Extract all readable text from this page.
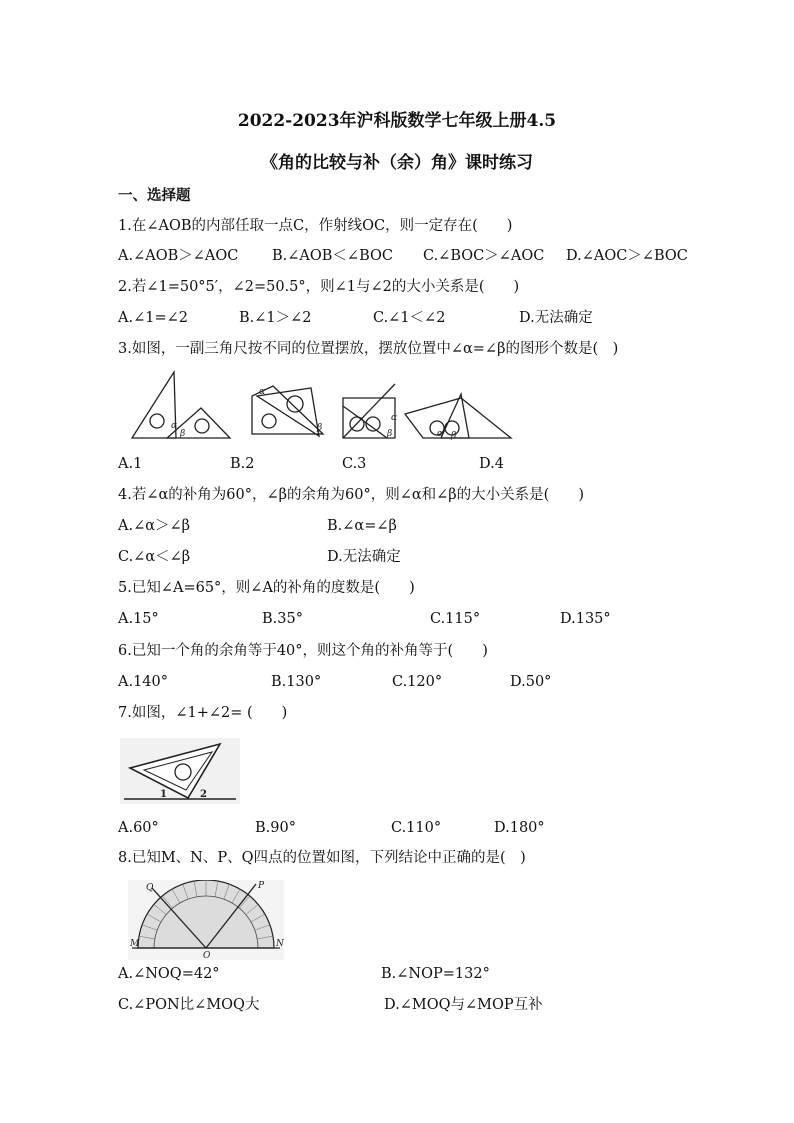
2022-2023年沪科版数学七年级上册4.5
《角的比较与补（余）角》课时练习
一、选择题
1.在∠AOB的内部任取一点C，作射线OC，则一定存在(　　)
A.∠AOB＞∠AOC B.∠AOB＜∠BOC C.∠BOC＞∠AOC D.∠AOC＞∠BOC
2.若∠1=50°5′，∠2=50.5°，则∠1与∠2的大小关系是(　　)
A.∠1=∠2	B.∠1＞∠2	C.∠1＜∠2	D.无法确定
3.如图，一副三角尺按不同的位置摆放，摆放位置中∠α=∠β的图形个数是(　)
α
β
α
β
α
β	α β
A.1	B.2	C.3	D.4
4.若∠α的补角为60°，∠β的余角为60°，则∠α和∠β的大小关系是(　　)
A.∠α＞∠β	B.∠α=∠β
C.∠α＜∠β	D.无法确定
5.已知∠A=65°，则∠A的补角的度数是(　　)
A.15°	B.35°	C.115°	D.135°
6.已知一个角的余角等于40°，则这个角的补角等于(　　)
A.140°	B.130°	C.120°	D.50°
7.如图，∠1+∠2= (　　)
1	2
A.60°	B.90°	C.110°	D.180°
8.已知M、N、P、Q四点的位置如图，下列结论中正确的是(　)
M	N
Q	P
O
A.∠NOQ=42°	B.∠NOP=132°
C.∠PON比∠MOQ大	D.∠MOQ与∠MOP互补
